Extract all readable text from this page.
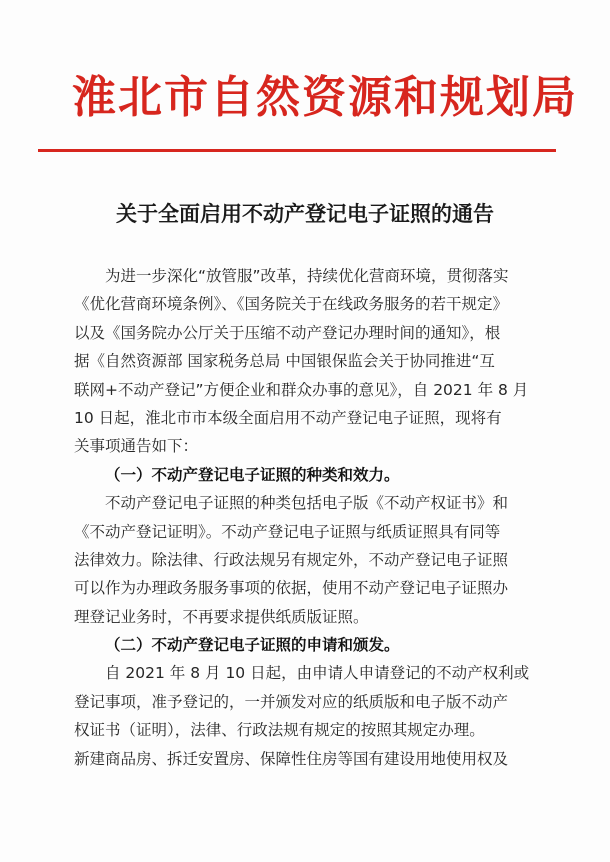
淮北市自然资源和规划局
关于全面启用不动产登记电子证照的通告
为进一步深化“放管服”改革，持续优化营商环境，贯彻落实
《优化营商环境条例》、《国务院关于在线政务服务的若干规定》
以及《国务院办公厅关于压缩不动产登记办理时间的通知》，根
据《自然资源部 国家税务总局 中国银保监会关于协同推进“互
联网+不动产登记”方便企业和群众办事的意见》，自 2021 年 8 月
10 日起，淮北市市本级全面启用不动产登记电子证照，现将有
关事项通告如下：
（一）不动产登记电子证照的种类和效力。
不动产登记电子证照的种类包括电子版《不动产权证书》和
《不动产登记证明》。不动产登记电子证照与纸质证照具有同等
法律效力。除法律、行政法规另有规定外，不动产登记电子证照
可以作为办理政务服务事项的依据，使用不动产登记电子证照办
理登记业务时，不再要求提供纸质版证照。
（二）不动产登记电子证照的申请和颁发。
自 2021 年 8 月 10 日起，由申请人申请登记的不动产权利或
登记事项，准予登记的，一并颁发对应的纸质版和电子版不动产
权证书（证明），法律、行政法规有规定的按照其规定办理。
新建商品房、拆迁安置房、保障性住房等国有建设用地使用权及
